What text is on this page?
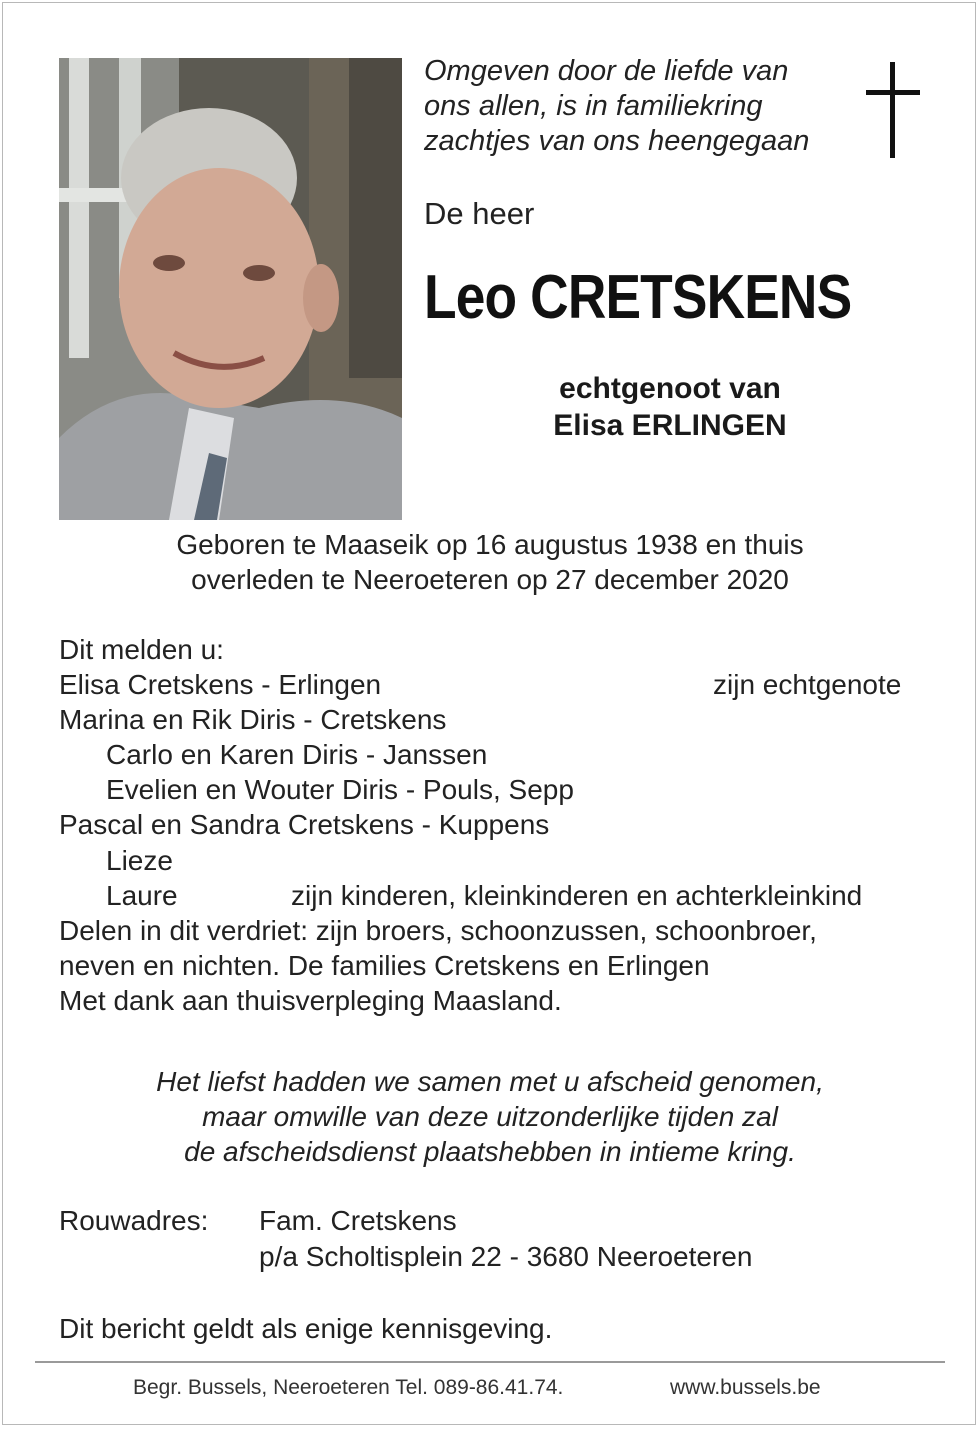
Omgeven door de liefde van
ons allen, is in familiekring
zachtjes van ons heengegaan
De heer
Leo CRETSKENS
echtgenoot van
Elisa ERLINGEN
Geboren te Maaseik op 16 augustus 1938 en thuis
overleden te Neeroeteren op 27 december 2020
Dit melden u:
Elisa Cretskens - Erlingen	zijn echtgenote
Marina en Rik Diris - Cretskens
Carlo en Karen Diris - Janssen
Evelien en Wouter Diris - Pouls, Sepp
Pascal en Sandra Cretskens - Kuppens
Lieze
Laure	zijn kinderen, kleinkinderen en achterkleinkind
Delen in dit verdriet: zijn broers, schoonzussen, schoonbroer,
neven en nichten. De families Cretskens en Erlingen
Met dank aan thuisverpleging Maasland.
Het liefst hadden we samen met u afscheid genomen,
maar omwille van deze uitzonderlijke tijden zal
de afscheidsdienst plaatshebben in intieme kring.
Rouwadres: Fam. Cretskens
p/a Scholtisplein 22 - 3680 Neeroeteren
Dit bericht geldt als enige kennisgeving.
Begr. Bussels, Neeroeteren Tel. 089-86.41.74.	www.bussels.be
